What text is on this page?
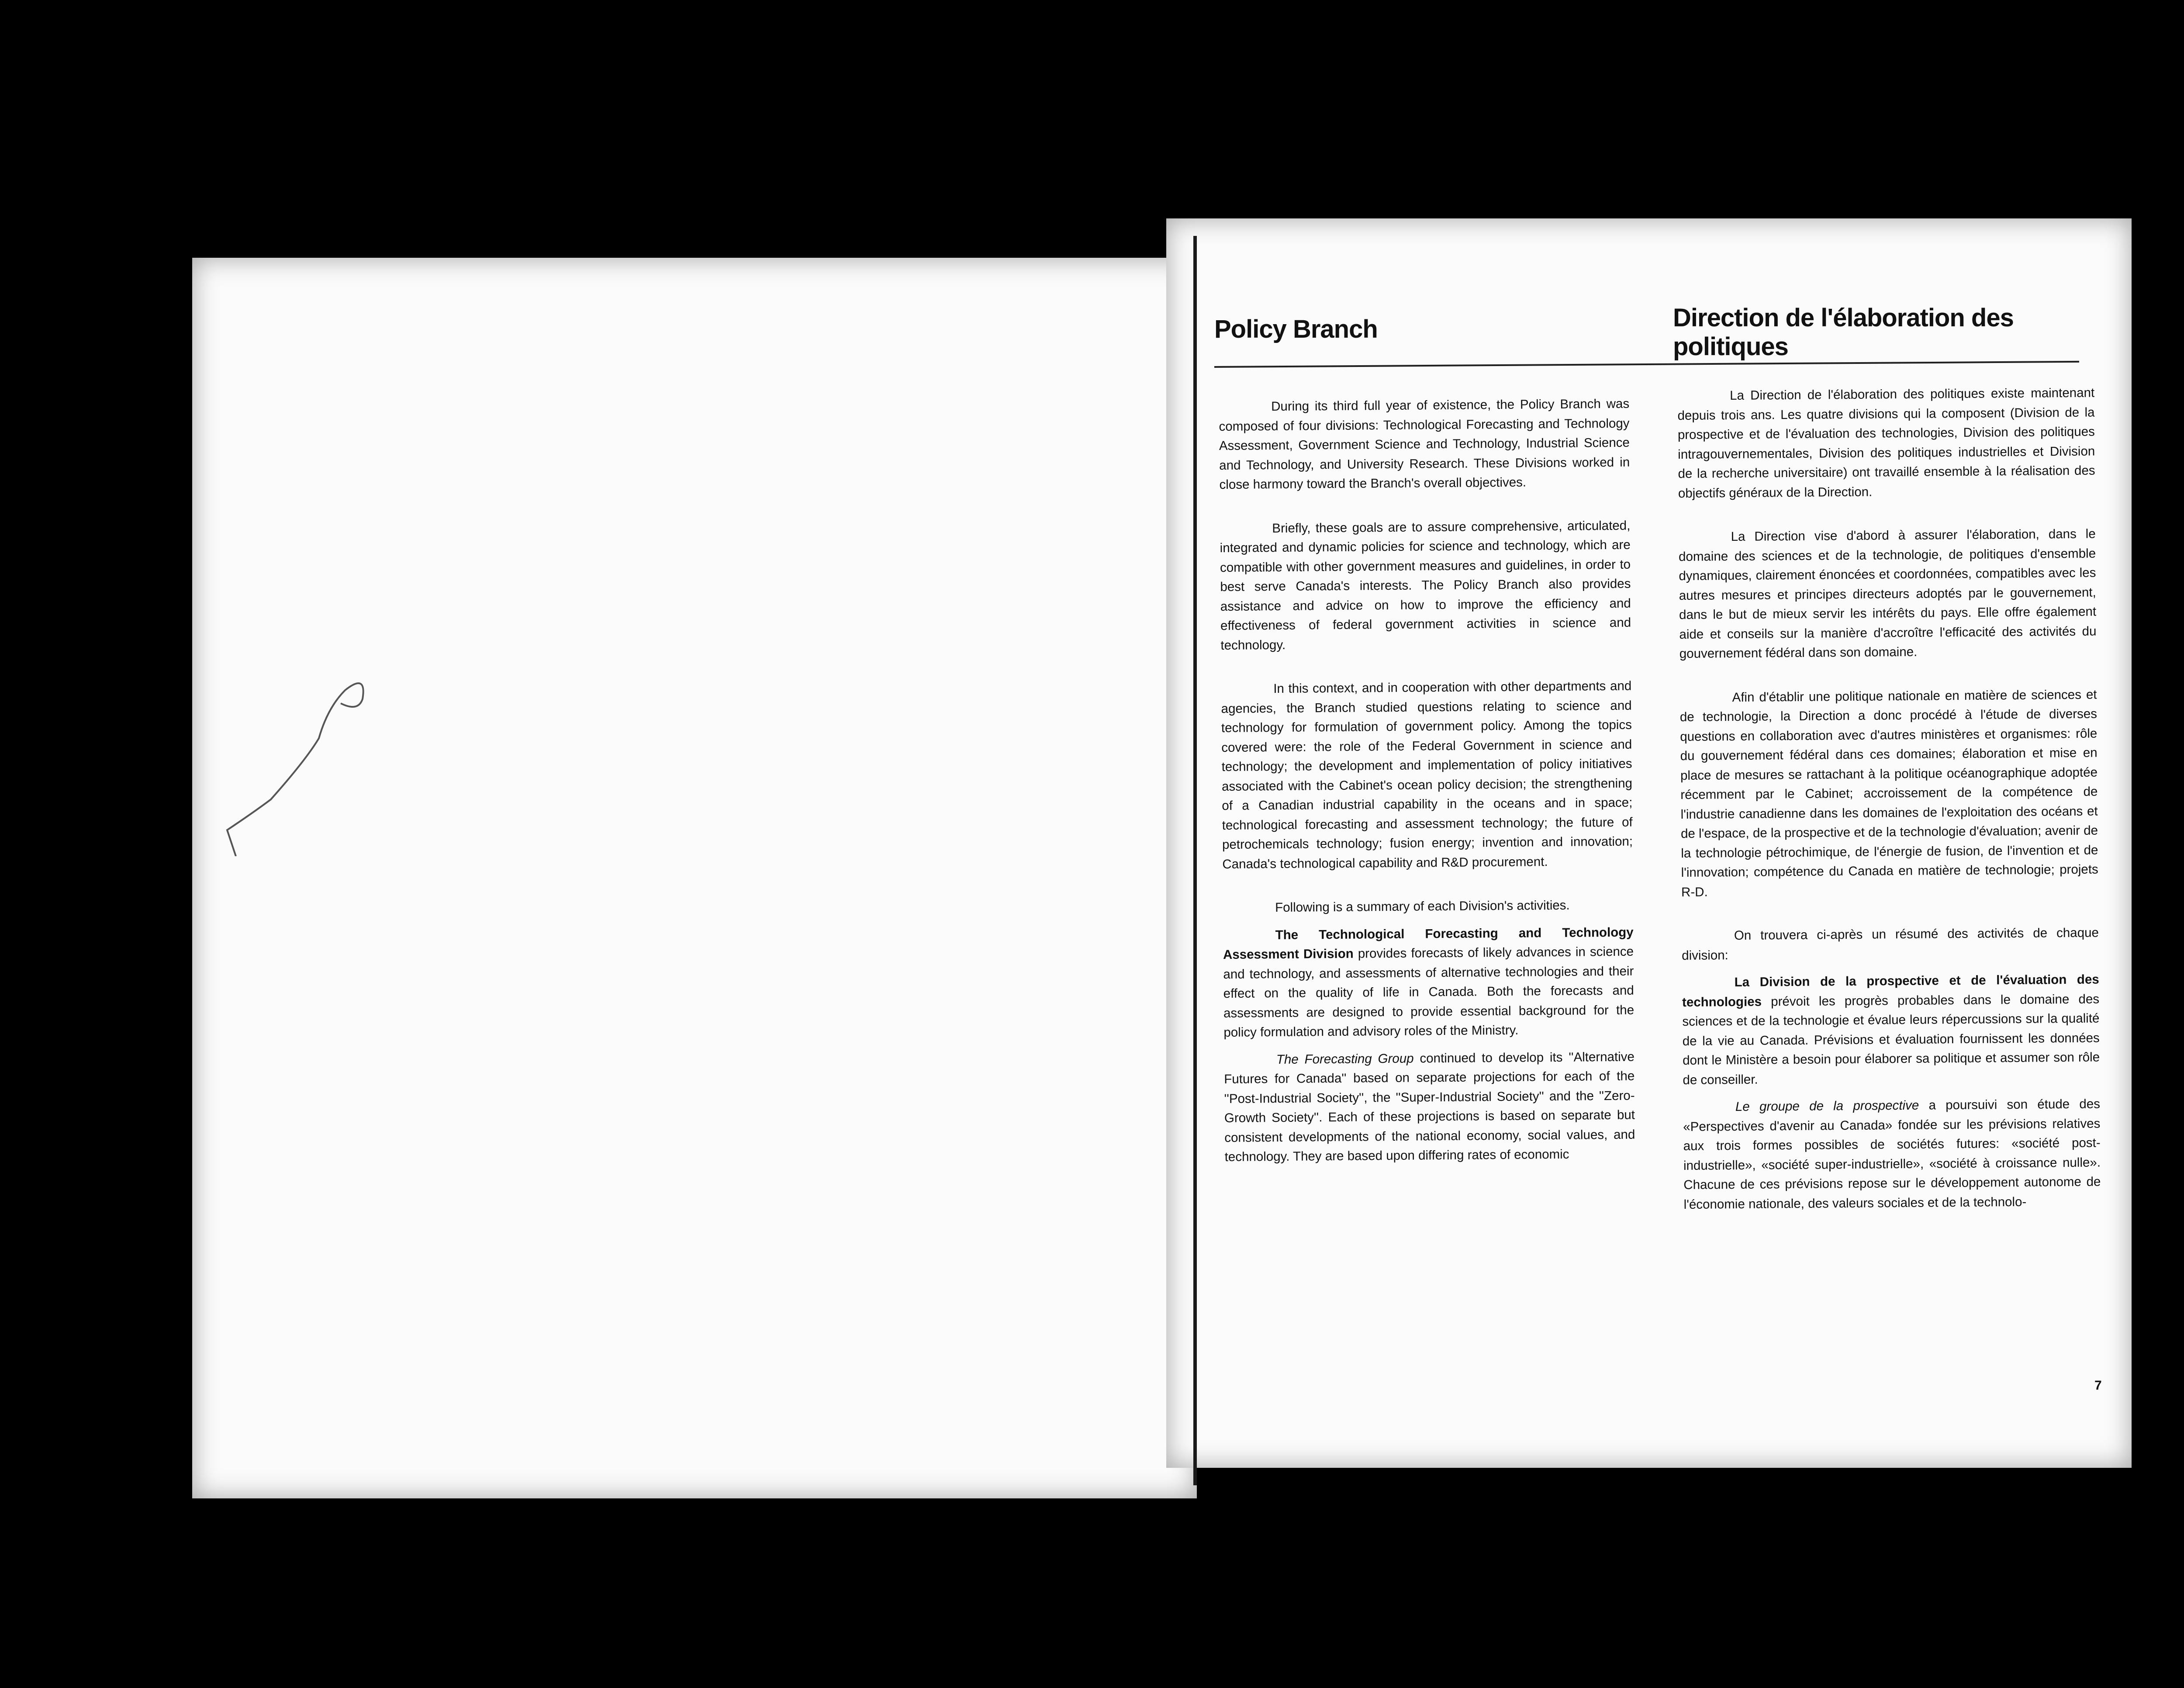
Policy Branch	Direction de l'élaboration des politiques

During its third full year of existence, the Policy Branch was composed of four divisions: Technological Forecasting and Technology Assessment, Government Science and Technology, Industrial Science and Technology, and University Research. These Divisions worked in close harmony toward the Branch's overall objectives.

Briefly, these goals are to assure comprehensive, articulated, integrated and dynamic policies for science and technology, which are compatible with other government measures and guidelines, in order to best serve Canada's interests. The Policy Branch also provides assistance and advice on how to improve the efficiency and effectiveness of federal government activities in science and technology.

In this context, and in cooperation with other departments and agencies, the Branch studied questions relating to science and technology for formulation of government policy. Among the topics covered were: the role of the Federal Government in science and technology; the development and implementation of policy initiatives associated with the Cabinet's ocean policy decision; the strengthening of a Canadian industrial capability in the oceans and in space; technological forecasting and assessment technology; the future of petrochemicals technology; fusion energy; invention and innovation; Canada's technological capability and R&D procurement.

Following is a summary of each Division's activities.

The Technological Forecasting and Technology Assessment Division provides forecasts of likely advances in science and technology, and assessments of alternative technologies and their effect on the quality of life in Canada. Both the forecasts and assessments are designed to provide essential background for the policy formulation and advisory roles of the Ministry.

The Forecasting Group continued to develop its ''Alternative Futures for Canada'' based on separate projections for each of the ''Post-Industrial Society'', the ''Super-Industrial Society'' and the ''Zero-Growth Society''. Each of these projections is based on separate but consistent developments of the national economy, social values, and technology. They are based upon differing rates of economic

La Direction de l'élaboration des politiques existe maintenant depuis trois ans. Les quatre divisions qui la composent (Division de la prospective et de l'évaluation des technologies, Division des politiques intragouvernementales, Division des politiques industrielles et Division de la recherche universitaire) ont travaillé ensemble à la réalisation des objectifs généraux de la Direction.

La Direction vise d'abord à assurer l'élaboration, dans le domaine des sciences et de la technologie, de politiques d'ensemble dynamiques, clairement énoncées et coordonnées, compatibles avec les autres mesures et principes directeurs adoptés par le gouvernement, dans le but de mieux servir les intérêts du pays. Elle offre également aide et conseils sur la manière d'accroître l'efficacité des activités du gouvernement fédéral dans son domaine.

Afin d'établir une politique nationale en matière de sciences et de technologie, la Direction a donc procédé à l'étude de diverses questions en collaboration avec d'autres ministères et organismes: rôle du gouvernement fédéral dans ces domaines; élaboration et mise en place de mesures se rattachant à la politique océanographique adoptée récemment par le Cabinet; accroissement de la compétence de l'industrie canadienne dans les domaines de l'exploitation des océans et de l'espace, de la prospective et de la technologie d'évaluation; avenir de la technologie pétrochimique, de l'énergie de fusion, de l'invention et de l'innovation; compétence du Canada en matière de technologie; projets R-D.

On trouvera ci-après un résumé des activités de chaque division:

La Division de la prospective et de l'évaluation des technologies prévoit les progrès probables dans le domaine des sciences et de la technologie et évalue leurs répercussions sur la qualité de la vie au Canada. Prévisions et évaluation fournissent les données dont le Ministère a besoin pour élaborer sa politique et assumer son rôle de conseiller.

Le groupe de la prospective a poursuivi son étude des «Perspectives d'avenir au Canada» fondée sur les prévisions relatives aux trois formes possibles de sociétés futures: «société post-industrielle», «société super-industrielle», «société à croissance nulle». Chacune de ces prévisions repose sur le développement autonome de l'économie nationale, des valeurs sociales et de la technolo-

7
